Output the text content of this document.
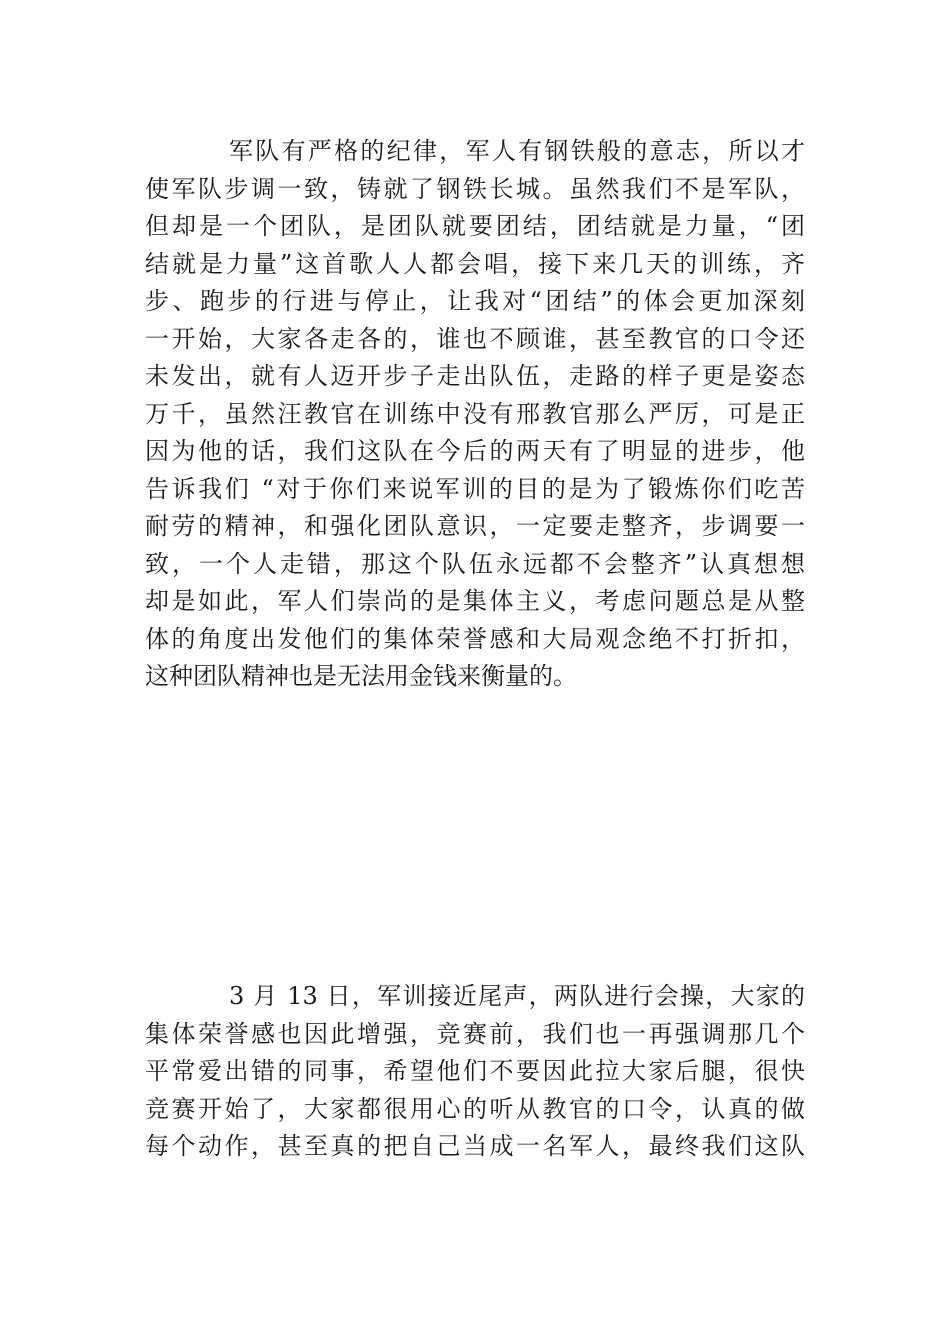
军队有严格的纪律，军人有钢铁般的意志，所以才
使军队步调一致，铸就了钢铁长城。虽然我们不是军队，
但却是一个团队，是团队就要团结，团结就是力量，“团
结就是力量”这首歌人人都会唱，接下来几天的训练，齐
步、跑步的行进与停止，让我对“团结”的体会更加深刻
一开始，大家各走各的，谁也不顾谁，甚至教官的口令还
未发出，就有人迈开步子走出队伍，走路的样子更是姿态
万千，虽然汪教官在训练中没有邢教官那么严厉，可是正
因为他的话，我们这队在今后的两天有了明显的进步，他
告诉我们 “对于你们来说军训的目的是为了锻炼你们吃苦
耐劳的精神，和强化团队意识，一定要走整齐，步调要一
致，一个人走错，那这个队伍永远都不会整齐”认真想想
却是如此，军人们崇尚的是集体主义，考虑问题总是从整
体的角度出发他们的集体荣誉感和大局观念绝不打折扣，
这种团队精神也是无法用金钱来衡量的。
3 月 13 日，军训接近尾声，两队进行会操，大家的
集体荣誉感也因此增强，竞赛前，我们也一再强调那几个
平常爱出错的同事，希望他们不要因此拉大家后腿，很快
竞赛开始了，大家都很用心的听从教官的口令，认真的做
每个动作，甚至真的把自己当成一名军人，最终我们这队
